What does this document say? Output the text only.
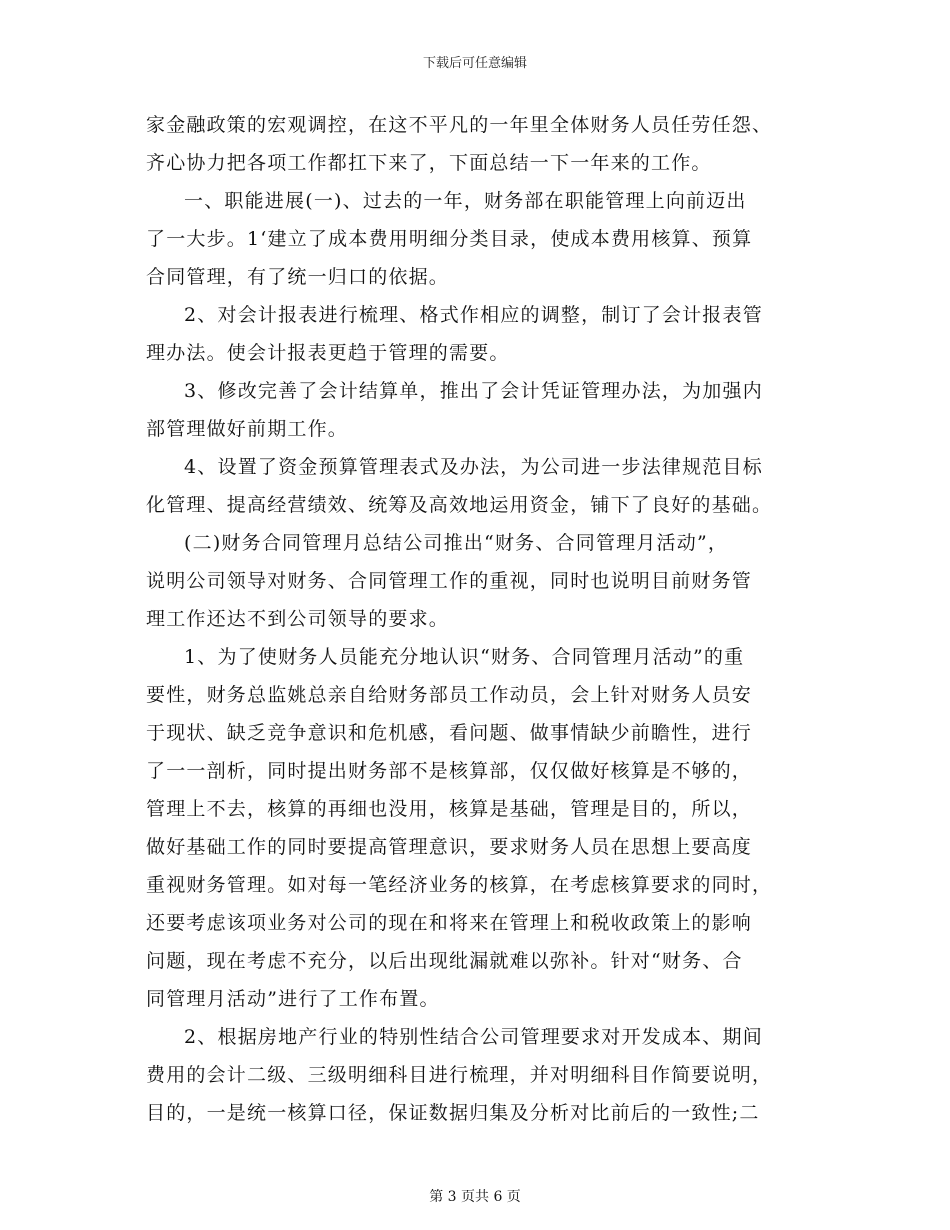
下载后可任意编辑
家金融政策的宏观调控，在这不平凡的一年里全体财务人员任劳任怨、
齐心协力把各项工作都扛下来了，下面总结一下一年来的工作。
一、职能进展(一)、过去的一年，财务部在职能管理上向前迈出
了一大步。1‘建立了成本费用明细分类目录，使成本费用核算、预算
合同管理，有了统一归口的依据。
2、对会计报表进行梳理、格式作相应的调整，制订了会计报表管
理办法。使会计报表更趋于管理的需要。
3、修改完善了会计结算单，推出了会计凭证管理办法，为加强内
部管理做好前期工作。
4、设置了资金预算管理表式及办法，为公司进一步法律规范目标
化管理、提高经营绩效、统筹及高效地运用资金，铺下了良好的基础。
(二)财务合同管理月总结公司推出“财务、合同管理月活动”，
说明公司领导对财务、合同管理工作的重视，同时也说明目前财务管
理工作还达不到公司领导的要求。
1、为了使财务人员能充分地认识“财务、合同管理月活动”的重
要性，财务总监姚总亲自给财务部员工作动员，会上针对财务人员安
于现状、缺乏竞争意识和危机感，看问题、做事情缺少前瞻性，进行
了一一剖析，同时提出财务部不是核算部，仅仅做好核算是不够的，
管理上不去，核算的再细也没用，核算是基础，管理是目的，所以，
做好基础工作的同时要提高管理意识，要求财务人员在思想上要高度
重视财务管理。如对每一笔经济业务的核算，在考虑核算要求的同时，
还要考虑该项业务对公司的现在和将来在管理上和税收政策上的影响
问题，现在考虑不充分，以后出现纰漏就难以弥补。针对“财务、合
同管理月活动”进行了工作布置。
2、根据房地产行业的特别性结合公司管理要求对开发成本、期间
费用的会计二级、三级明细科目进行梳理，并对明细科目作简要说明，
目的，一是统一核算口径，保证数据归集及分析对比前后的一致性;二
第 3 页共 6 页
